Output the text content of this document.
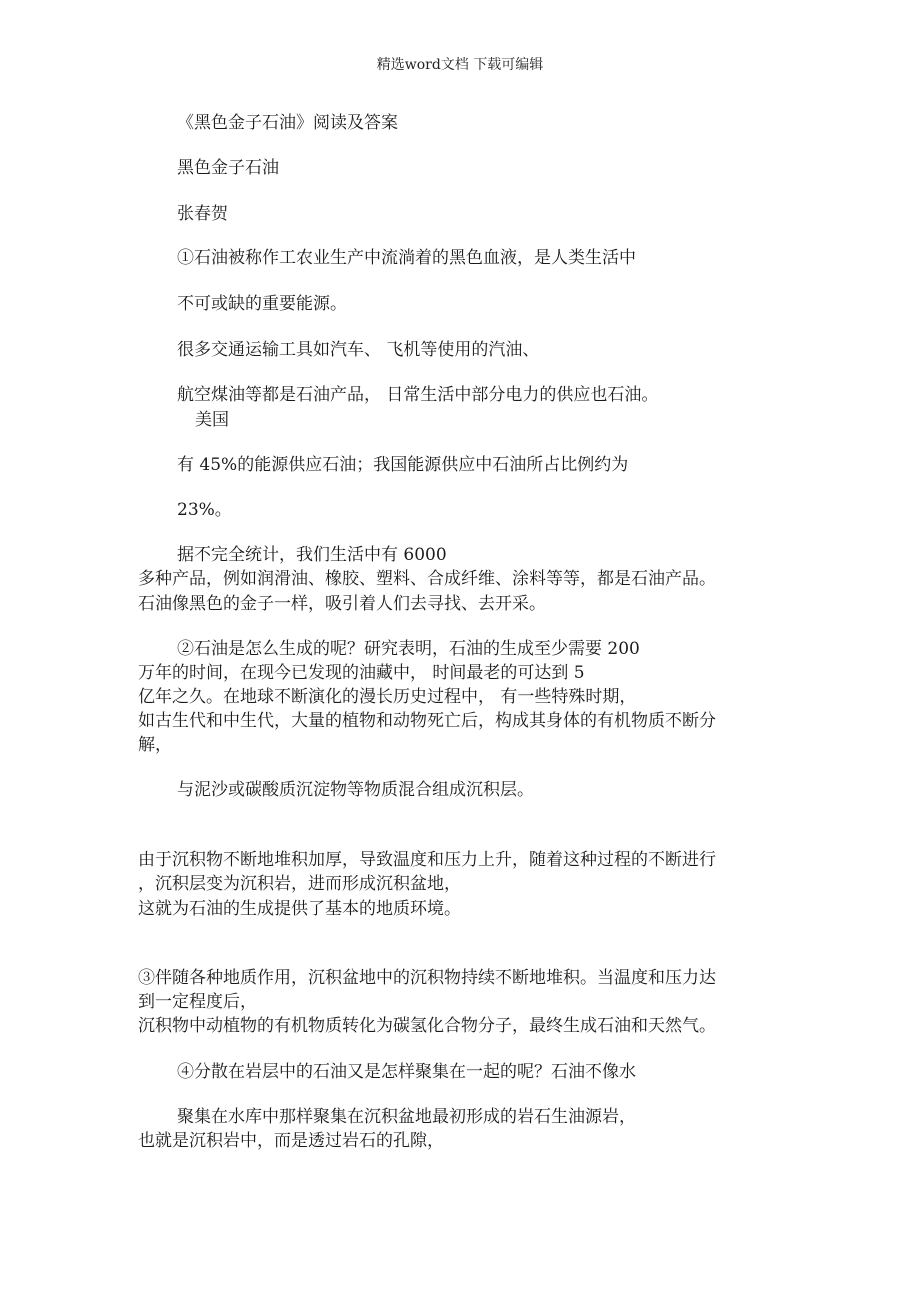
精选word文档 下载可编辑
《黑色金子石油》阅读及答案
黑色金子石油
张春贺
①石油被称作工农业生产中流淌着的黑色血液，是人类生活中
不可或缺的重要能源。
很多交通运输工具如汽车、 飞机等使用的汽油、
航空煤油等都是石油产品， 日常生活中部分电力的供应也石油。
美国
有 45%的能源供应石油；我国能源供应中石油所占比例约为
23%。
据不完全统计，我们生活中有 6000
多种产品，例如润滑油、橡胶、塑料、合成纤维、涂料等等，都是石油产品。
石油像黑色的金子一样，吸引着人们去寻找、去开采。
②石油是怎么生成的呢？研究表明，石油的生成至少需要 200
万年的时间，在现今已发现的油藏中， 时间最老的可达到 5
亿年之久。在地球不断演化的漫长历史过程中， 有一些特殊时期，
如古生代和中生代，大量的植物和动物死亡后，构成其身体的有机物质不断分
解，
与泥沙或碳酸质沉淀物等物质混合组成沉积层。
由于沉积物不断地堆积加厚，导致温度和压力上升，随着这种过程的不断进行
，沉积层变为沉积岩，进而形成沉积盆地，
这就为石油的生成提供了基本的地质环境。
③伴随各种地质作用，沉积盆地中的沉积物持续不断地堆积。当温度和压力达
到一定程度后，
沉积物中动植物的有机物质转化为碳氢化合物分子，最终生成石油和天然气。
④分散在岩层中的石油又是怎样聚集在一起的呢？石油不像水
聚集在水库中那样聚集在沉积盆地最初形成的岩石生油源岩，
也就是沉积岩中，而是透过岩石的孔隙，
